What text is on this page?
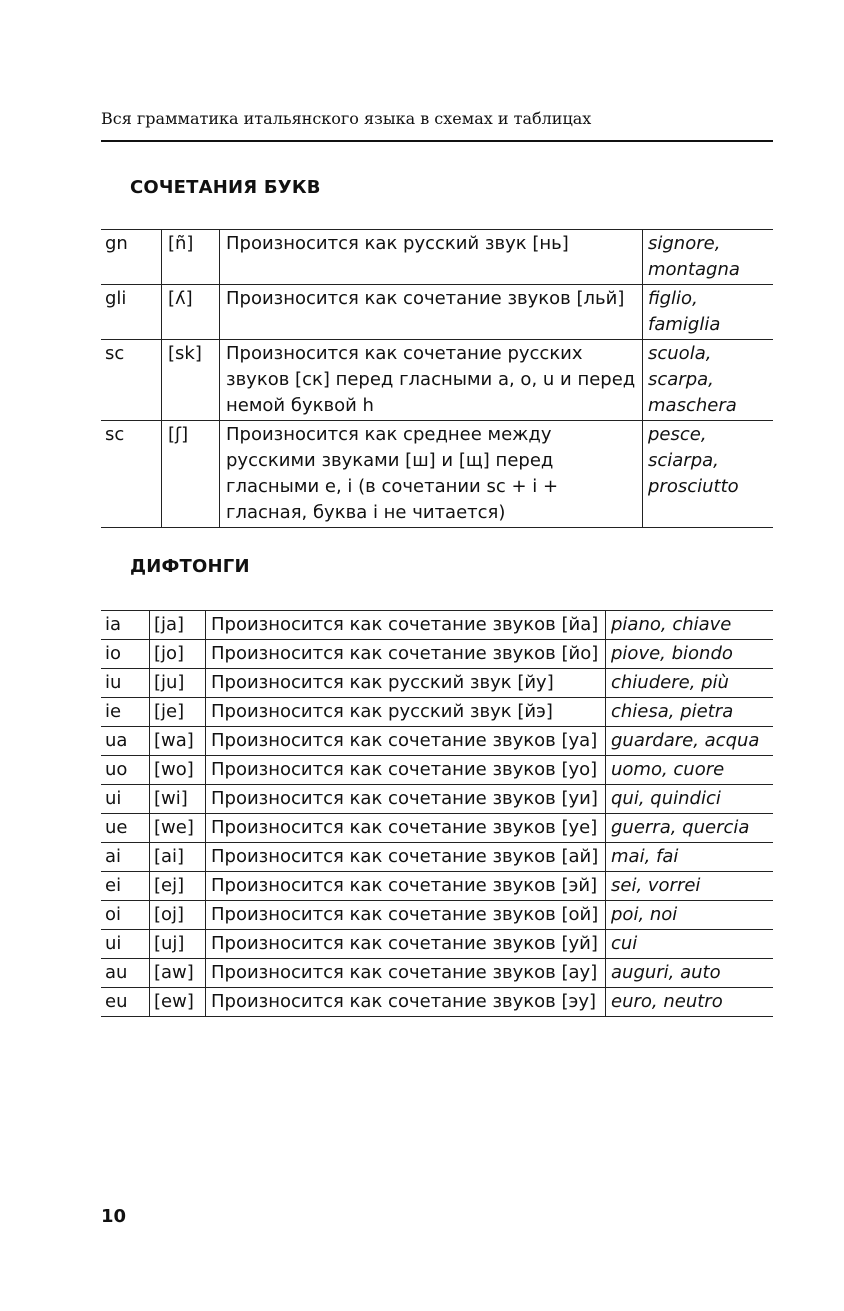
Вся грамматика итальянского языка в схемах и таблицах
СОЧЕТАНИЯ БУКВ
gn	[ñ]	Произносится как русский звук [нь]	signore, montagna
gli	[ʎ]	Произносится как сочетание звуков [льй]	figlio, famiglia
sc	[sk]	Произносится как сочетание русских звуков [ск] перед гласными a, o, u и перед немой буквой h	scuola, scarpa, maschera
sc	[ʃ]	Произносится как среднее между русскими звуками [ш] и [щ] перед гласными e, i (в сочетании sc + i + гласная, буква i не читается)	pesce, sciarpa, prosciutto
ДИФТОНГИ
ia	[ja]	Произносится как сочетание звуков [йа]	piano, chiave
io	[jo]	Произносится как сочетание звуков [йо]	piove, biondo
iu	[ju]	Произносится как русский звук [йу]	chiudere, più
ie	[je]	Произносится как русский звук [йэ]	chiesa, pietra
ua	[wa]	Произносится как сочетание звуков [уа]	guardare, acqua
uo	[wo]	Произносится как сочетание звуков [уо]	uomo, cuore
ui	[wi]	Произносится как сочетание звуков [уи]	qui, quindici
ue	[we]	Произносится как сочетание звуков [уе]	guerra, quercia
ai	[ai]	Произносится как сочетание звуков [ай]	mai, fai
ei	[ej]	Произносится как сочетание звуков [эй]	sei, vorrei
oi	[oj]	Произносится как сочетание звуков [ой]	poi, noi
ui	[uj]	Произносится как сочетание звуков [уй]	cui
au	[aw]	Произносится как сочетание звуков [ау]	auguri, auto
eu	[ew]	Произносится как сочетание звуков [эу]	euro, neutro
10
